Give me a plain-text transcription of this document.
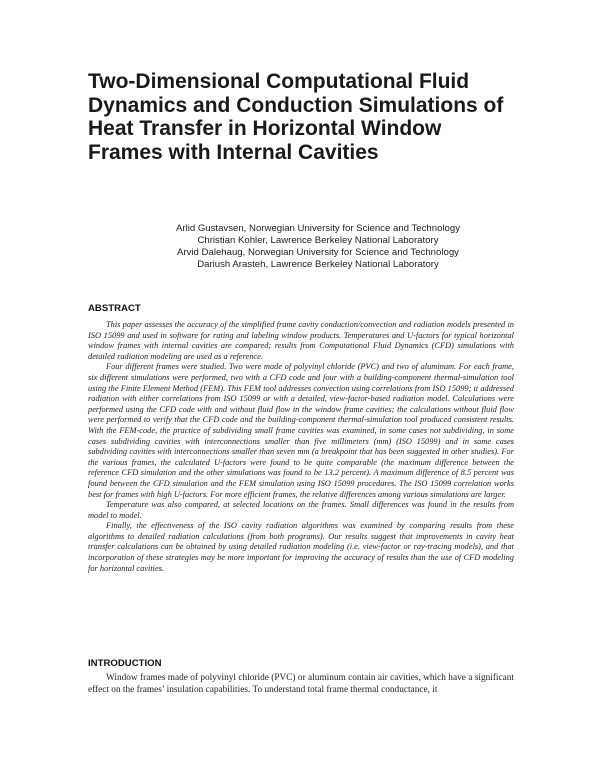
Two-Dimensional Computational Fluid Dynamics and Conduction Simulations of Heat Transfer in Horizontal Window Frames with Internal Cavities
Arlid Gustavsen, Norwegian University for Science and Technology
Christian Kohler, Lawrence Berkeley National Laboratory
Arvid Dalehaug, Norwegian University for Science and Technology
Dariush Arasteh, Lawrence Berkeley National Laboratory
ABSTRACT

This paper assesses the accuracy of the simplified frame cavity conduction/convection and radiation models presented in ISO 15099 and used in software for rating and labeling window products. Temperatures and U-factors for typical horizontal window frames with internal cavities are compared; results from Computational Fluid Dynamics (CFD) simulations with detailed radiation modeling are used as a reference.

Four different frames were studied. Two were made of polyvinyl chloride (PVC) and two of aluminum. For each frame, six different simulations were performed, two with a CFD code and four with a building-component thermal-simulation tool using the Finite Element Method (FEM). This FEM tool addresses convection using correlations from ISO 15099; it addressed radiation with either correlations from ISO 15099 or with a detailed, view-factor-based radiation model. Calculations were performed using the CFD code with and without fluid flow in the window frame cavities; the calculations without fluid flow were performed to verify that the CFD code and the building-component thermal-simulation tool produced consistent results. With the FEM-code, the practice of subdividing small frame cavities was examined, in some cases not subdividing, in some cases subdividing cavities with interconnections smaller than five millimeters (mm) (ISO 15099) and in some cases subdividing cavities with interconnections smaller than seven mm (a breakpoint that has been suggested in other studies). For the various frames, the calculated U-factors were found to be quite comparable (the maximum difference between the reference CFD simulation and the other simulations was found to be 13.2 percent). A maximum difference of 8.5 percent was found between the CFD simulation and the FEM simulation using ISO 15099 procedures. The ISO 15099 correlation works best for frames with high U-factors. For more efficient frames, the relative differences among various simulations are larger.

Temperature was also compared, at selected locations on the frames. Small differences was found in the results from model to model.

Finally, the effectiveness of the ISO cavity radiation algorithms was examined by comparing results from these algorithms to detailed radiation calculations (from both programs). Our results suggest that improvements in cavity heat transfer calculations can be obtained by using detailed radiation modeling (i.e. view-factor or ray-tracing models), and that incorporation of these strategies may be more important for improving the accuracy of results than the use of CFD modeling for horizontal cavities.

INTRODUCTION

Window frames made of polyvinyl chloride (PVC) or aluminum contain air cavities, which have a significant effect on the frames’ insulation capabilities. To understand total frame thermal conductance, it
